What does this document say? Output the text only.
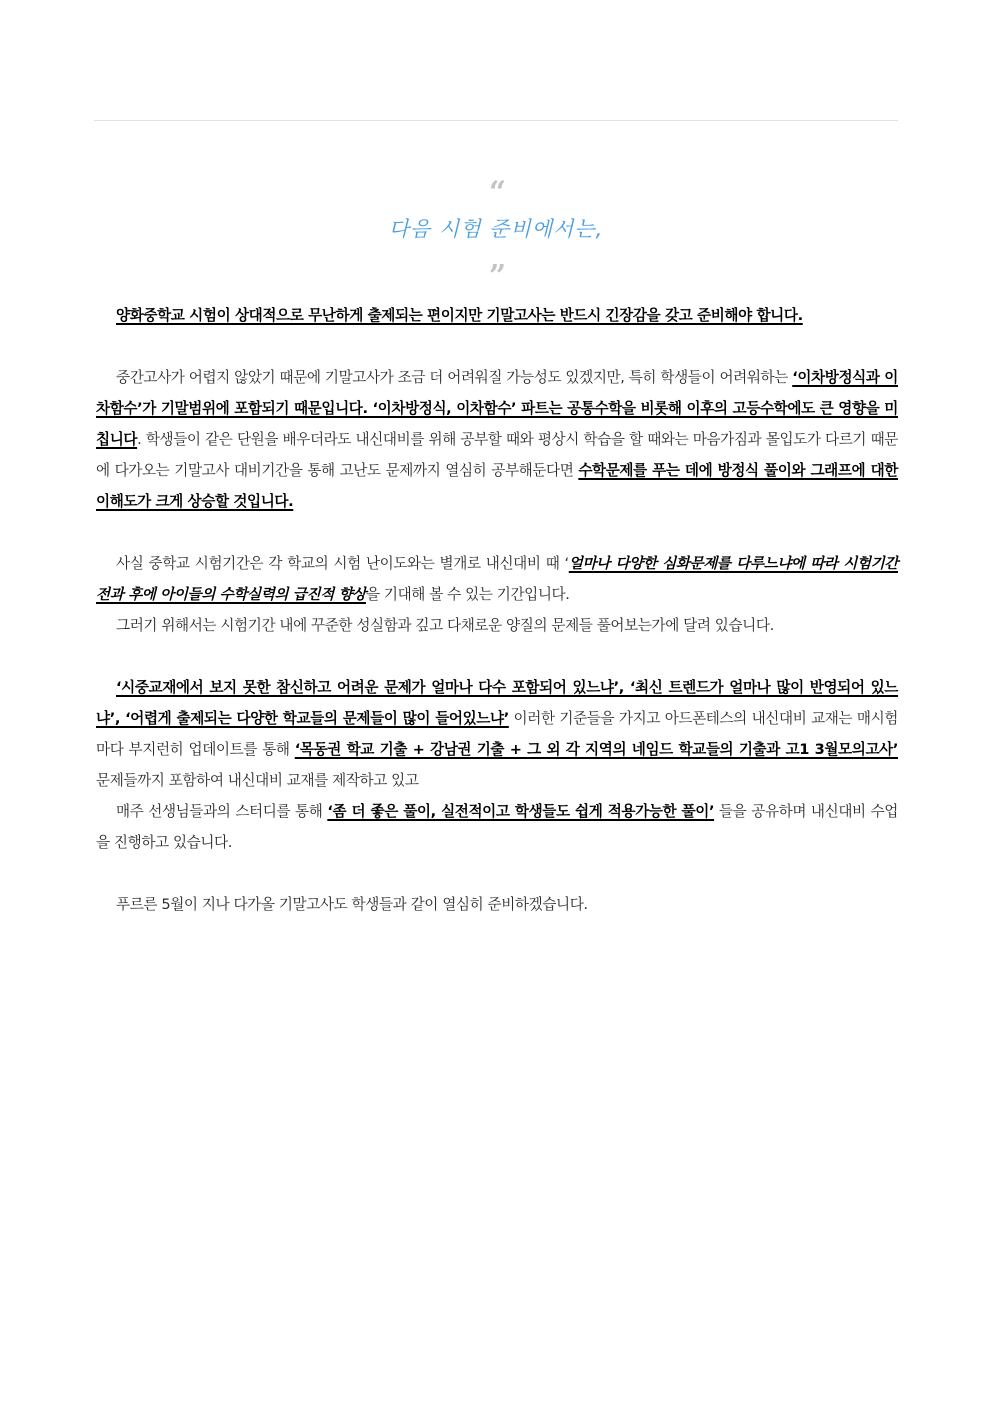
“
다음 시험 준비에서는,
”

양화중학교 시험이 상대적으로 무난하게 출제되는 편이지만 기말고사는 반드시 긴장감을 갖고 준비해야 합니다.

중간고사가 어렵지 않았기 때문에 기말고사가 조금 더 어려워질 가능성도 있겠지만, 특히 학생들이 어려워하는 ‘이차방정식과 이차함수’가 기말범위에 포함되기 때문입니다. ‘이차방정식, 이차함수’ 파트는 공통수학을 비롯해 이후의 고등수학에도 큰 영향을 미칩니다. 학생들이 같은 단원을 배우더라도 내신대비를 위해 공부할 때와 평상시 학습을 할 때와는 마음가짐과 몰입도가 다르기 때문에 다가오는 기말고사 대비기간을 통해 고난도 문제까지 열심히 공부해둔다면 수학문제를 푸는 데에 방정식 풀이와 그래프에 대한 이해도가 크게 상승할 것입니다.

사실 중학교 시험기간은 각 학교의 시험 난이도와는 별개로 내신대비 때 ‘얼마나 다양한 심화문제를 다루느냐에 따라 시험기간 전과 후에 아이들의 수학실력의 급진적 향상을 기대해 볼 수 있는 기간입니다.

그러기 위해서는 시험기간 내에 꾸준한 성실함과 깊고 다채로운 양질의 문제들 풀어보는가에 달려 있습니다.

‘시중교재에서 보지 못한 참신하고 어려운 문제가 얼마나 다수 포함되어 있느냐’, ‘최신 트렌드가 얼마나 많이 반영되어 있느냐’, ‘어렵게 출제되는 다양한 학교들의 문제들이 많이 들어있느냐’ 이러한 기준들을 가지고 아드폰테스의 내신대비 교재는 매시험마다 부지런히 업데이트를 통해 ‘목동권 학교 기출 + 강남권 기출 + 그 외 각 지역의 네임드 학교들의 기출과 고1 3월모의고사’ 문제들까지 포함하여 내신대비 교재를 제작하고 있고

매주 선생님들과의 스터디를 통해 ‘좀 더 좋은 풀이, 실전적이고 학생들도 쉽게 적용가능한 풀이’ 들을 공유하며 내신대비 수업을 진행하고 있습니다.

푸르른 5월이 지나 다가올 기말고사도 학생들과 같이 열심히 준비하겠습니다.
